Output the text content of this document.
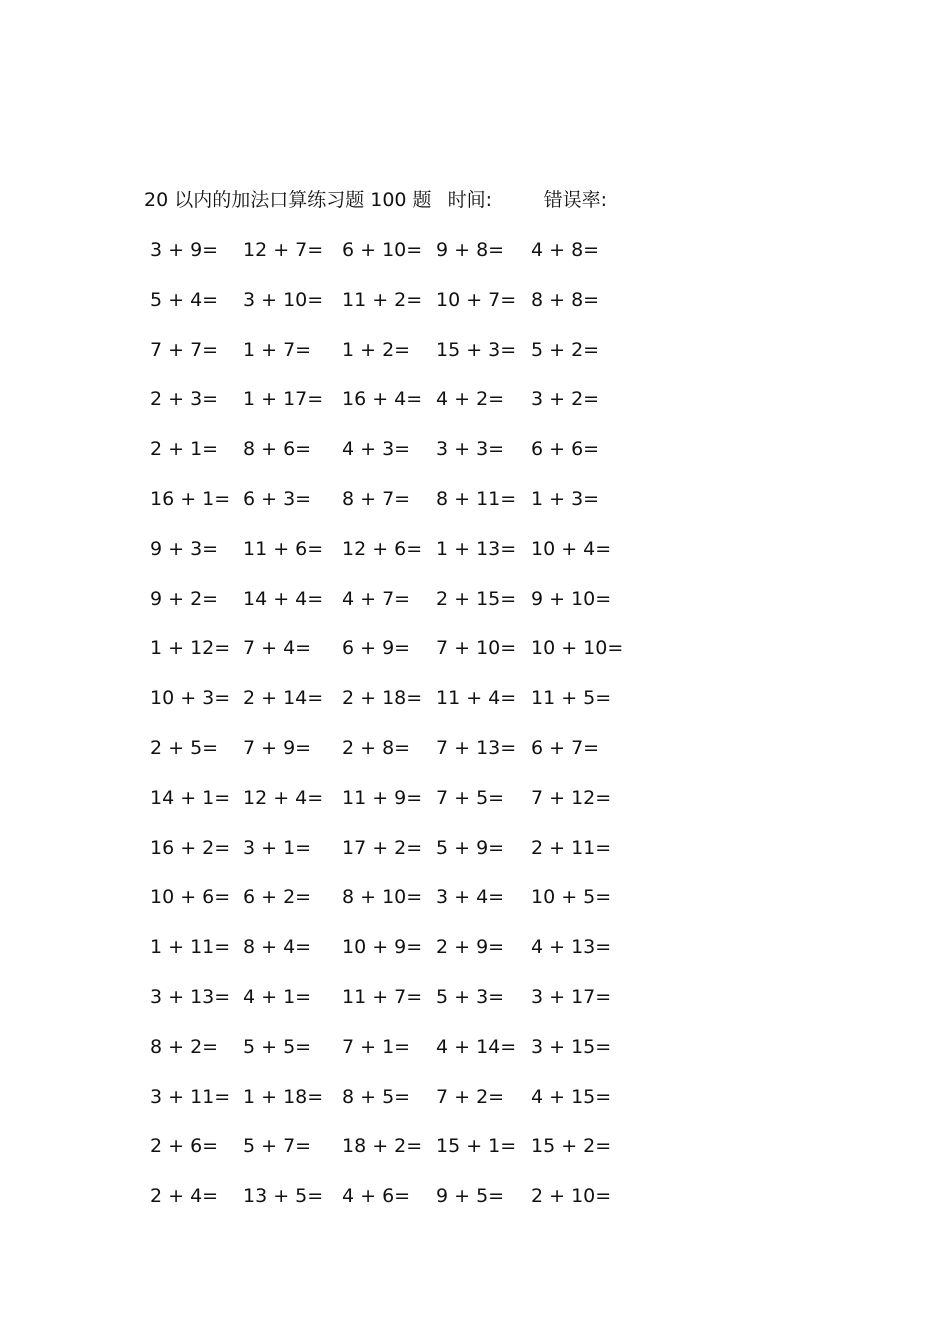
20 以内的加法口算练习题 100 题 时间:	错误率:
3 + 9= 12 + 7= 6 + 10= 9 + 8= 4 + 8=
5 + 4= 3 + 10= 11 + 2= 10 + 7= 8 + 8=
7 + 7= 1 + 7= 1 + 2= 15 + 3= 5 + 2=
2 + 3= 1 + 17= 16 + 4= 4 + 2= 3 + 2=
2 + 1= 8 + 6= 4 + 3= 3 + 3= 6 + 6=
16 + 1= 6 + 3= 8 + 7= 8 + 11= 1 + 3=
9 + 3= 11 + 6= 12 + 6= 1 + 13= 10 + 4=
9 + 2= 14 + 4= 4 + 7= 2 + 15= 9 + 10=
1 + 12= 7 + 4= 6 + 9= 7 + 10= 10 + 10=
10 + 3= 2 + 14= 2 + 18= 11 + 4= 11 + 5=
2 + 5= 7 + 9= 2 + 8= 7 + 13= 6 + 7=
14 + 1= 12 + 4= 11 + 9= 7 + 5= 7 + 12=
16 + 2= 3 + 1= 17 + 2= 5 + 9= 2 + 11=
10 + 6= 6 + 2= 8 + 10= 3 + 4= 10 + 5=
1 + 11= 8 + 4= 10 + 9= 2 + 9= 4 + 13=
3 + 13= 4 + 1= 11 + 7= 5 + 3= 3 + 17=
8 + 2= 5 + 5= 7 + 1= 4 + 14= 3 + 15=
3 + 11= 1 + 18= 8 + 5= 7 + 2= 4 + 15=
2 + 6= 5 + 7= 18 + 2= 15 + 1= 15 + 2=
2 + 4= 13 + 5= 4 + 6= 9 + 5= 2 + 10=
